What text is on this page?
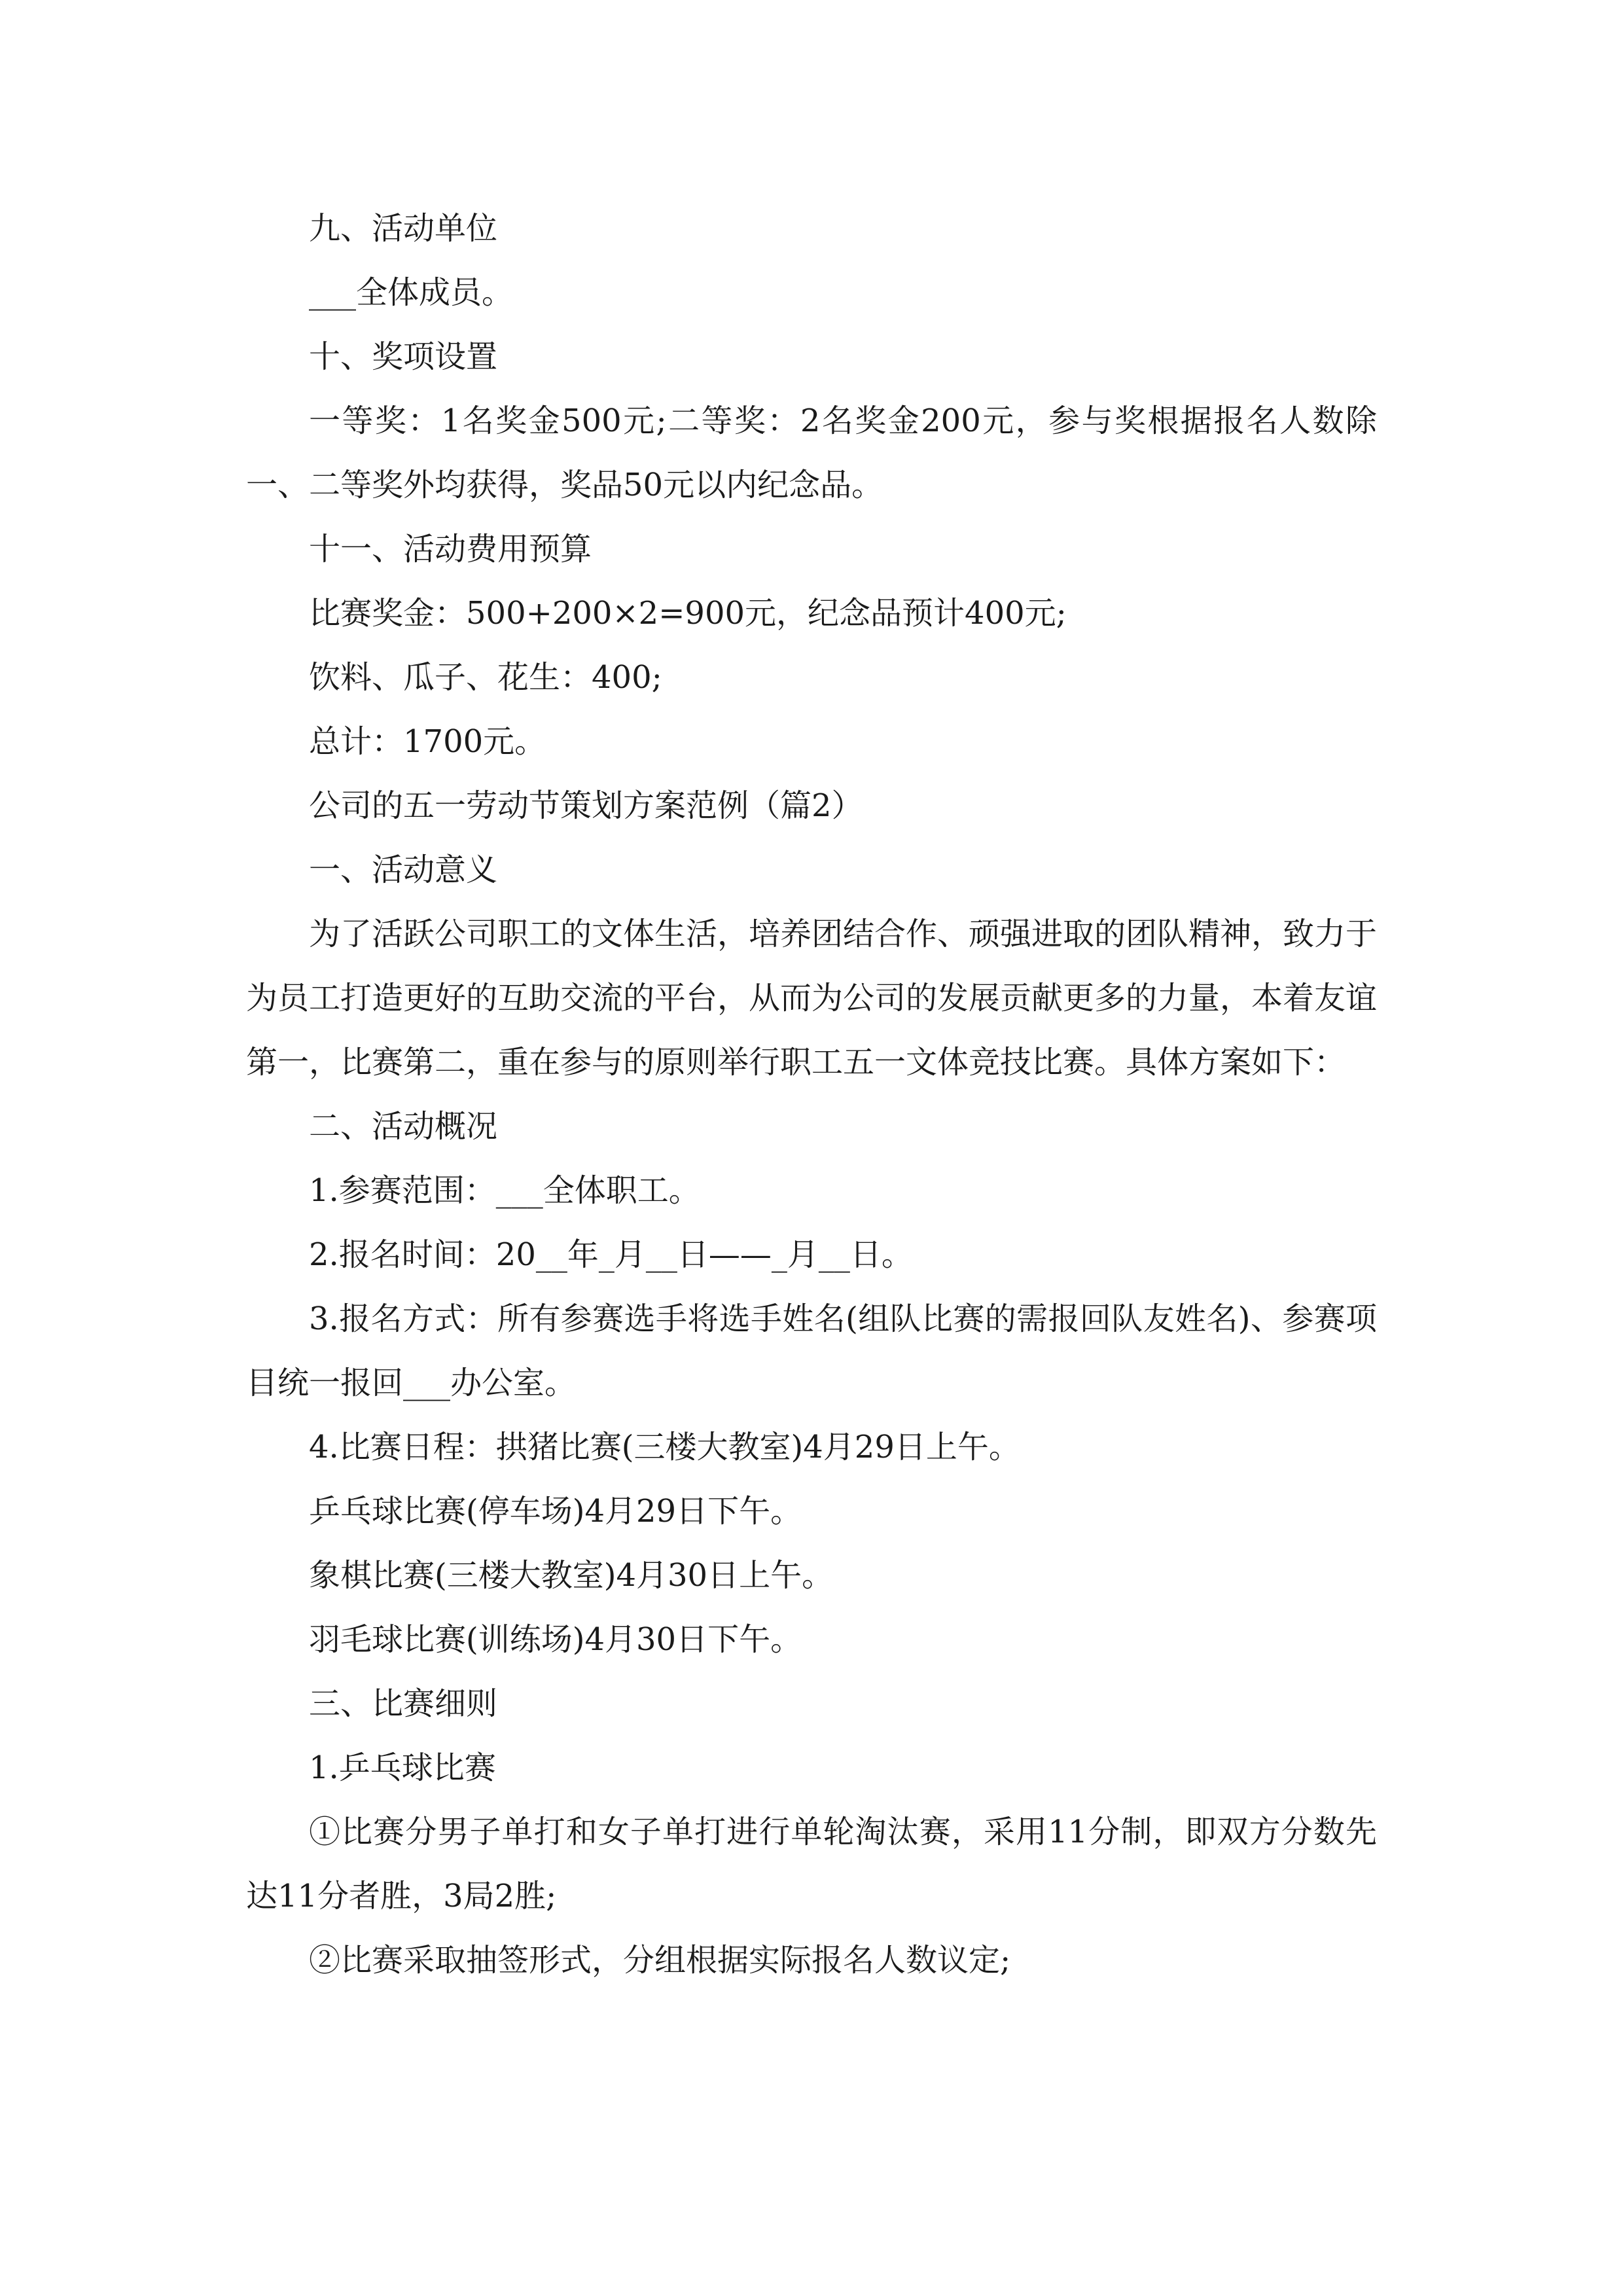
九、活动单位

___全体成员。

十、奖项设置

一等奖：1名奖金500元;二等奖：2名奖金200元，参与奖根据报名人数除一、二等奖外均获得，奖品50元以内纪念品。

十一、活动费用预算

比赛奖金：500+200×2=900元，纪念品预计400元;

饮料、瓜子、花生：400;

总计：1700元。

公司的五一劳动节策划方案范例（篇2）

一、活动意义

为了活跃公司职工的文体生活，培养团结合作、顽强进取的团队精神，致力于为员工打造更好的互助交流的平台，从而为公司的发展贡献更多的力量，本着友谊第一，比赛第二，重在参与的原则举行职工五一文体竞技比赛。具体方案如下：

二、活动概况

1.参赛范围：___全体职工。

2.报名时间：20__年_月__日——_月__日。

3.报名方式：所有参赛选手将选手姓名(组队比赛的需报回队友姓名)、参赛项目统一报回___办公室。

4.比赛日程：拱猪比赛(三楼大教室)4月29日上午。

乒乓球比赛(停车场)4月29日下午。

象棋比赛(三楼大教室)4月30日上午。

羽毛球比赛(训练场)4月30日下午。

三、比赛细则

1.乒乓球比赛

①比赛分男子单打和女子单打进行单轮淘汰赛，采用11分制，即双方分数先达11分者胜，3局2胜;

②比赛采取抽签形式，分组根据实际报名人数议定;
